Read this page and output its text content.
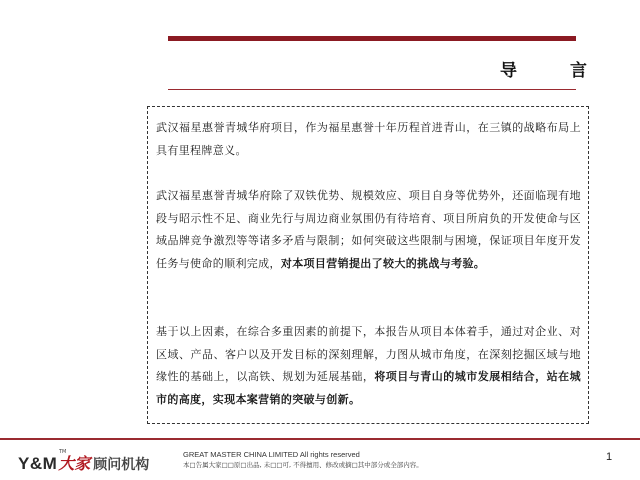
导　言

武汉福星惠誉青城华府项目，作为福星惠誉十年历程首进青山，在三镇的战略布局上具有里程牌意义。

武汉福星惠誉青城华府除了双铁优势、规模效应、项目自身等优势外，还面临现有地段与昭示性不足、商业先行与周边商业氛围仍有待培育、项目所肩负的开发使命与区域品牌竞争激烈等等诸多矛盾与限制；如何突破这些限制与困境，保证项目年度开发任务与使命的顺利完成，对本项目营销提出了较大的挑战与考验。

基于以上因素，在综合多重因素的前提下，本报告从项目本体着手，通过对企业、对区域、产品、客户以及开发目标的深刻理解，力图从城市角度，在深刻挖掘区域与地缘性的基础上，以高铁、规划为延展基础，将项目与青山的城市发展相结合，站在城市的高度，实现本案营销的突破与创新。

Y&M大家
TM
顾问机构
GREAT MASTER CHINA LIMITED All rights reserved
本□告属大家□□原□出品, 未□□可, 不得擅用、修改或摘□其中部分或全部内容。
1
